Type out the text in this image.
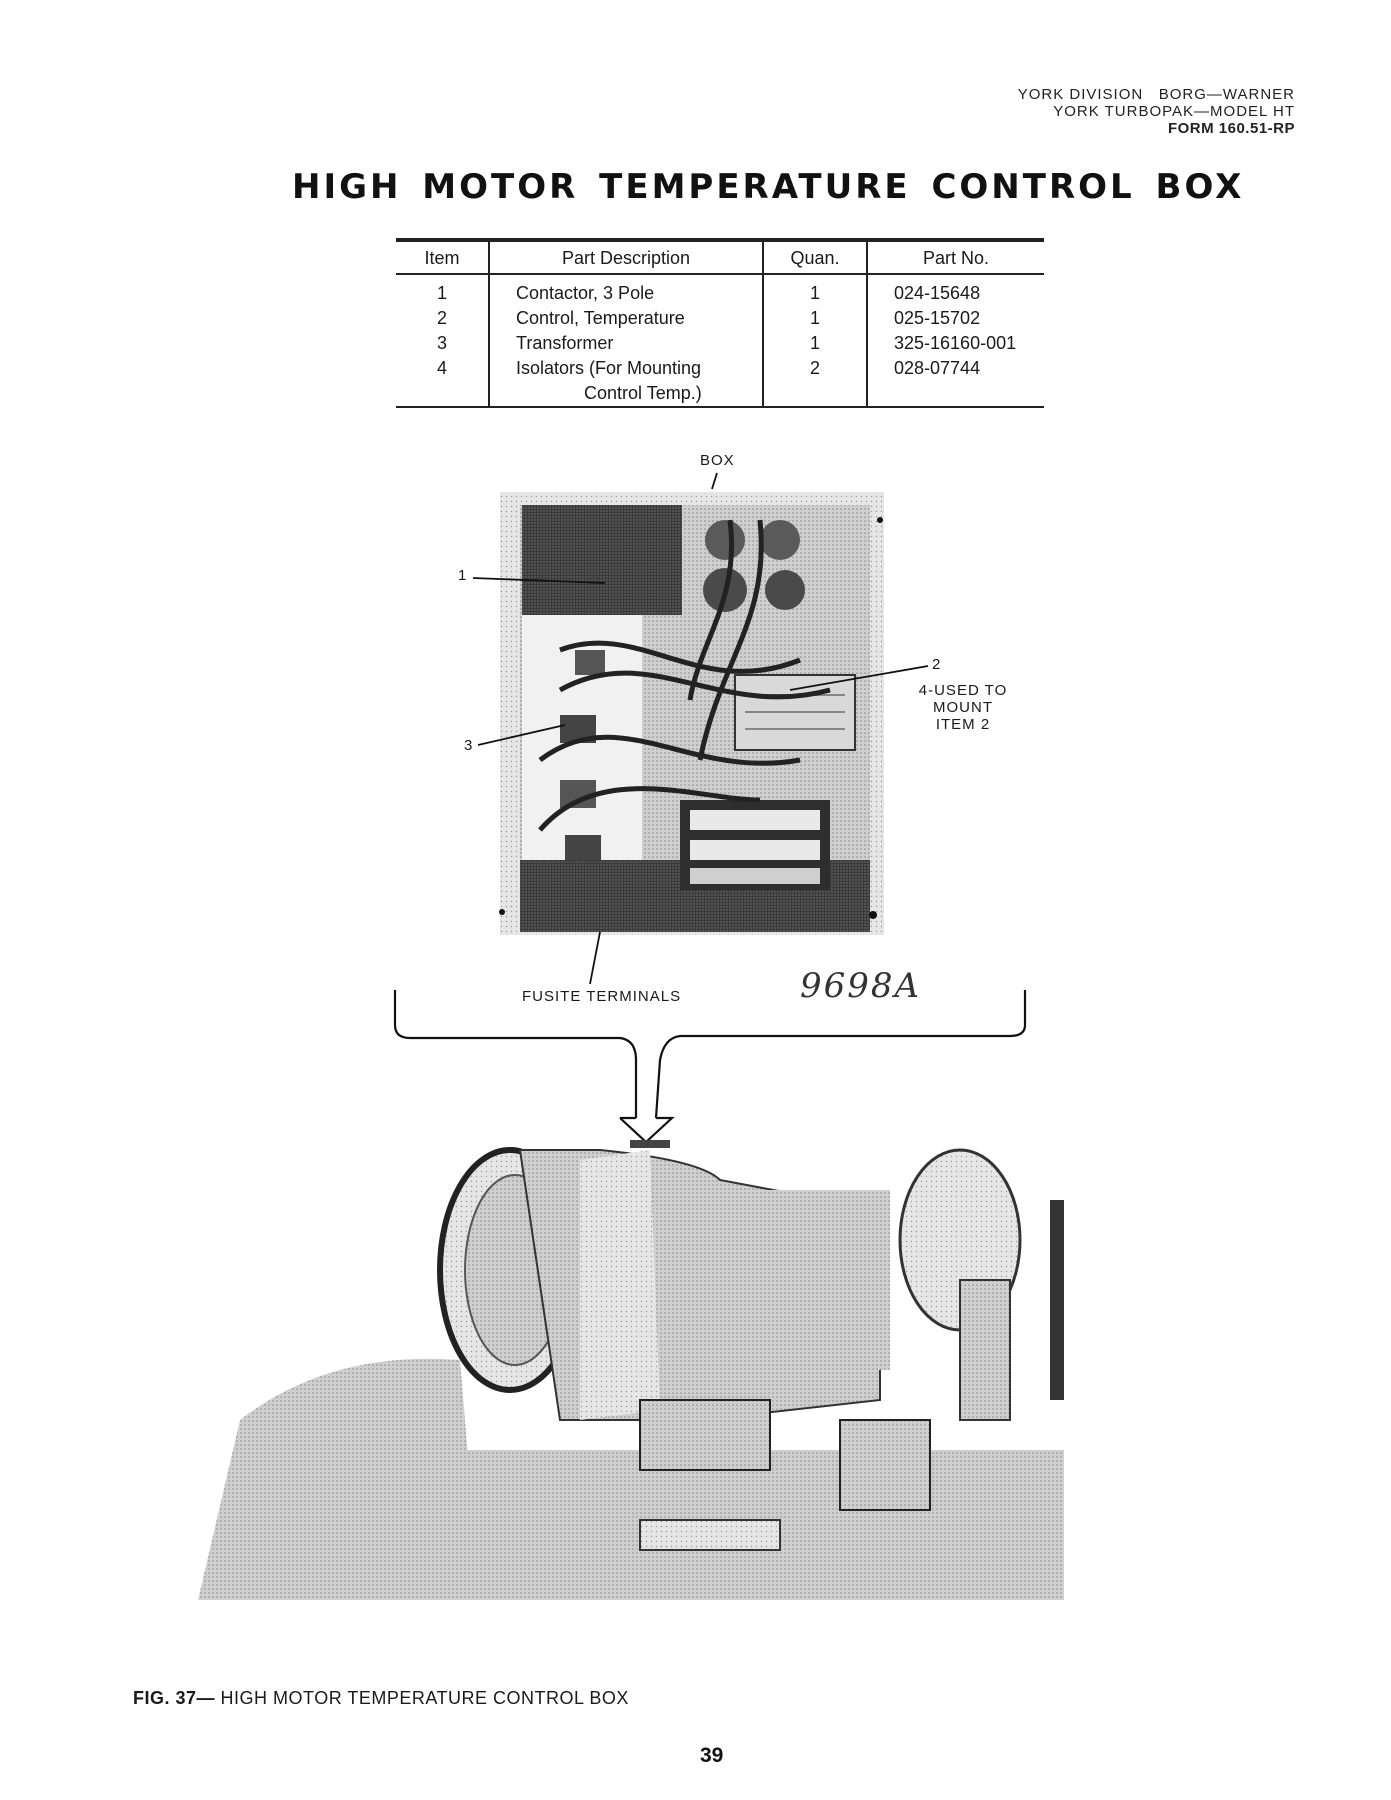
YORK DIVISION   BORG—WARNER
YORK TURBOPAK—MODEL HT
FORM 160.51-RP
HIGH MOTOR TEMPERATURE CONTROL BOX
Item	Part Description	Quan.	Part No.
1	Contactor, 3 Pole	1	024-15648
2	Control, Temperature	1	025-15702
3	Transformer	1	325-16160-001
4	Isolators (For Mounting
Control Temp.)	2	028-07744
BOX
1
2
4-USED TO
MOUNT
ITEM 2
3
FUSITE TERMINALS	9698A
FIG. 37— HIGH MOTOR TEMPERATURE CONTROL BOX
39
